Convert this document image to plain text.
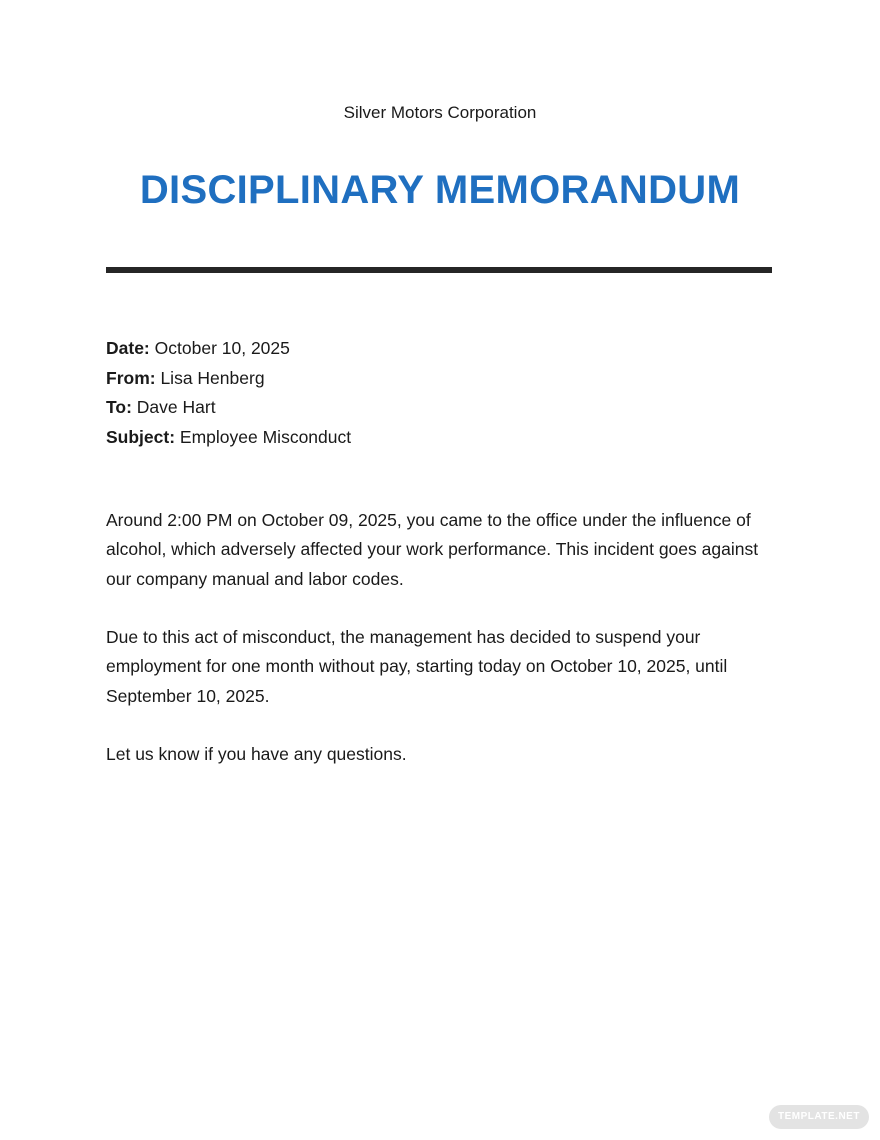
Silver Motors Corporation
DISCIPLINARY MEMORANDUM
Date: October 10, 2025
From: Lisa Henberg
To: Dave Hart
Subject: Employee Misconduct

Around 2:00 PM on October 09, 2025, you came to the office under the influence of alcohol, which adversely affected your work performance. This incident goes against our company manual and labor codes.

Due to this act of misconduct, the management has decided to suspend your employment for one month without pay, starting today on October 10, 2025, until September 10, 2025.

Let us know if you have any questions.

TEMPLATE.NET
